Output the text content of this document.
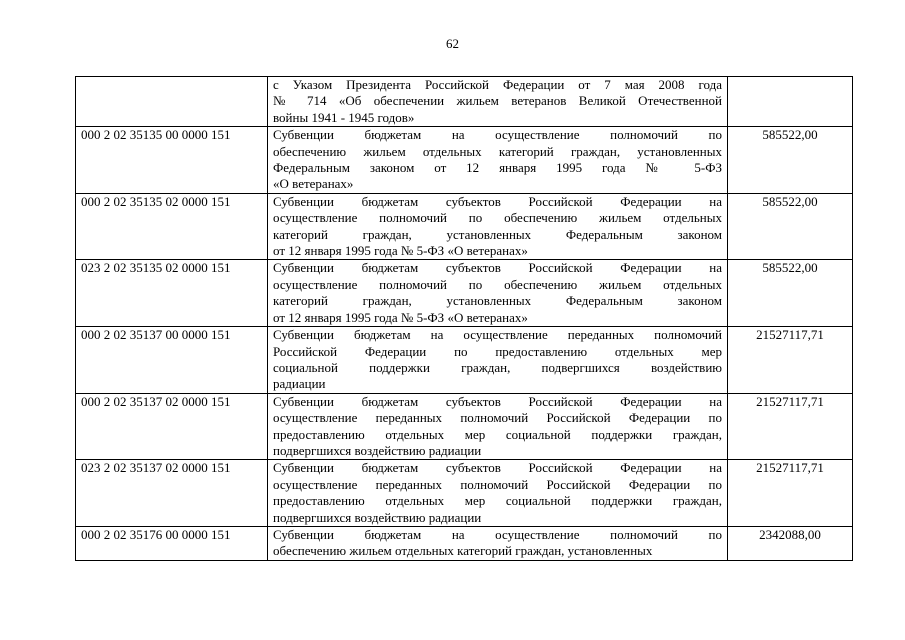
62

	с Указом Президента Российской Федерации от 7 мая 2008 года
№ 714 «Об обеспечении жильем ветеранов Великой Отечественной
войны 1941 - 1945 годов»	

000 2 02 35135 00 0000 151	Субвенции бюджетам на осуществление полномочий по
обеспечению жильем отдельных категорий граждан, установленных
Федеральным законом от 12 января 1995 года № 5-ФЗ
«О ветеранах»	585522,00
000 2 02 35135 02 0000 151	Субвенции бюджетам субъектов Российской Федерации на
осуществление полномочий по обеспечению жильем отдельных
категорий граждан, установленных Федеральным законом
от 12 января 1995 года № 5-ФЗ «О ветеранах»	585522,00
023 2 02 35135 02 0000 151	Субвенции бюджетам субъектов Российской Федерации на
осуществление полномочий по обеспечению жильем отдельных
категорий граждан, установленных Федеральным законом
от 12 января 1995 года № 5-ФЗ «О ветеранах»	585522,00
000 2 02 35137 00 0000 151	Субвенции бюджетам на осуществление переданных полномочий
Российской Федерации по предоставлению отдельных мер
социальной поддержки граждан, подвергшихся воздействию
радиации	21527117,71
000 2 02 35137 02 0000 151	Субвенции бюджетам субъектов Российской Федерации на
осуществление переданных полномочий Российской Федерации по
предоставлению отдельных мер социальной поддержки граждан,
подвергшихся воздействию радиации	21527117,71
023 2 02 35137 02 0000 151	Субвенции бюджетам субъектов Российской Федерации на
осуществление переданных полномочий Российской Федерации по
предоставлению отдельных мер социальной поддержки граждан,
подвергшихся воздействию радиации	21527117,71
000 2 02 35176 00 0000 151	Субвенции бюджетам на осуществление полномочий по
обеспечению жильем отдельных категорий граждан, установленных	2342088,00
